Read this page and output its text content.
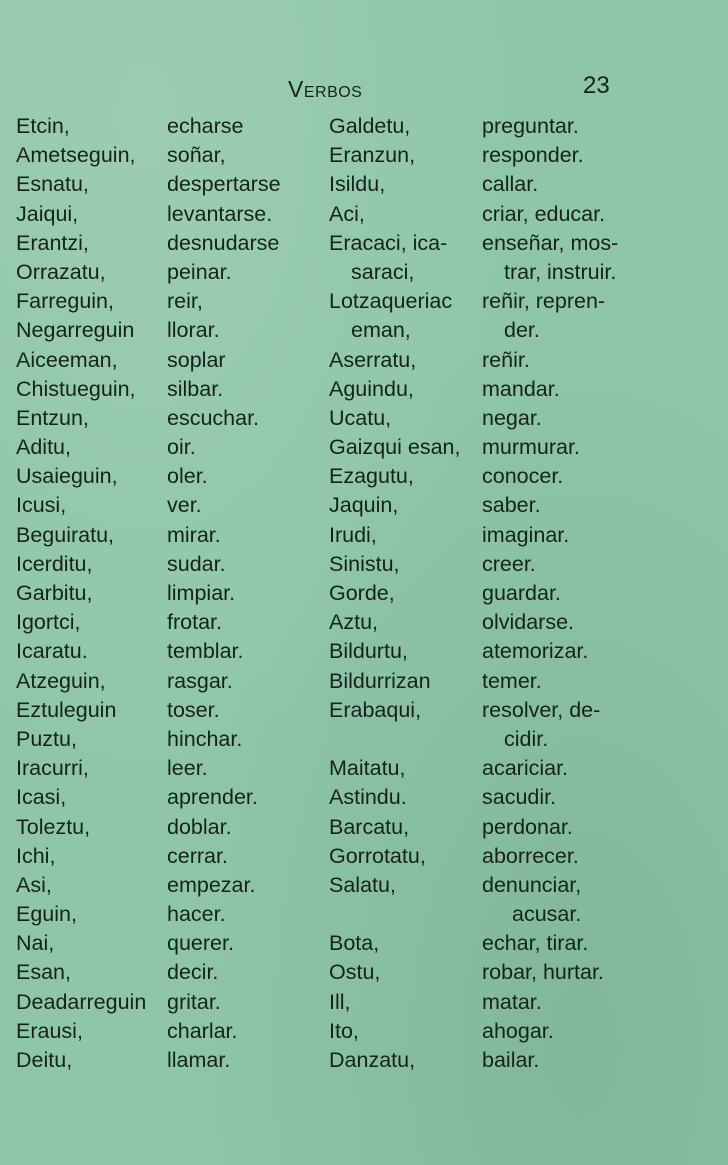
Verbos	23
Etcin,
Ametseguin,
Esnatu,
Jaiqui,
Erantzi,
Orrazatu,
Farreguin,
Negarreguin
Aiceeman,
Chistueguin,
Entzun,
Aditu,
Usaieguin,
Icusi,
Beguiratu,
Icerditu,
Garbitu,
Igortci,
Icaratu.
Atzeguin,
Eztuleguin
Puztu,
Iracurri,
Icasi,
Toleztu,
Ichi,
Asi,
Eguin,
Nai,
Esan,
Deadarreguin
Erausi,
Deitu,
echarse
soñar,
despertarse
levantarse.
desnudarse
peinar.
reir,
llorar.
soplar
silbar.
escuchar.
oir.
oler.
ver.
mirar.
sudar.
limpiar.
frotar.
temblar.
rasgar.
toser.
hinchar.
leer.
aprender.
doblar.
cerrar.
empezar.
hacer.
querer.
decir.
gritar.
charlar.
llamar.
Galdetu,
Eranzun,
Isildu,
Aci,
Eracaci, ica-
saraci,
Lotzaqueriac
eman,
Aserratu,
Aguindu,
Ucatu,
Gaizqui esan,
Ezagutu,
Jaquin,
Irudi,
Sinistu,
Gorde,
Aztu,
Bildurtu,
Bildurrizan
Erabaqui,
Maitatu,
Astindu.
Barcatu,
Gorrotatu,
Salatu,
Bota,
Ostu,
Ill,
Ito,
Danzatu,
preguntar.
responder.
callar.
criar, educar.
enseñar, mos-
trar, instruir.
reñir, repren-
der.
reñir.
mandar.
negar.
murmurar.
conocer.
saber.
imaginar.
creer.
guardar.
olvidarse.
atemorizar.
temer.
resolver, de-
cidir.
acariciar.
sacudir.
perdonar.
aborrecer.
denunciar,
acusar.
echar, tirar.
robar, hurtar.
matar.
ahogar.
bailar.
